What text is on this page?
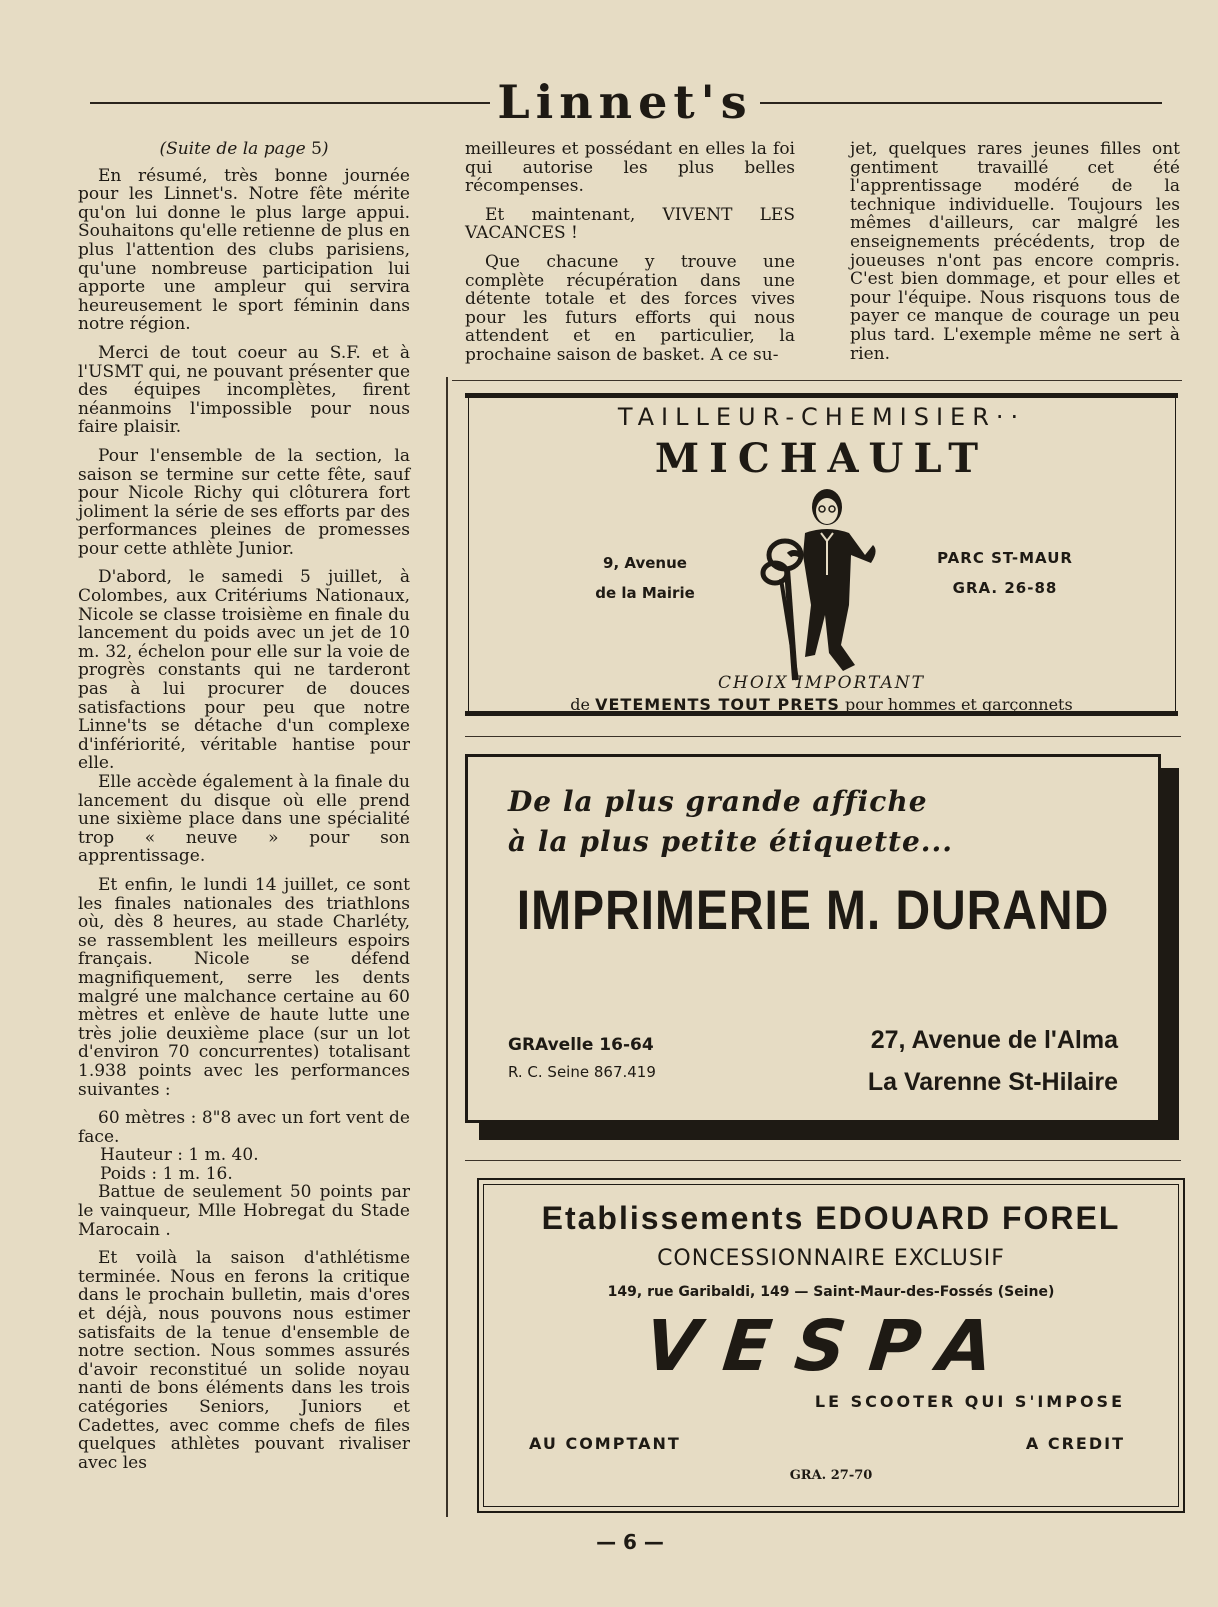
Linnet's

(Suite de la page 5)

En résumé, très bonne journée pour les Linnet's. Notre fête mérite qu'on lui donne le plus large appui. Souhaitons qu'elle retienne de plus en plus l'attention des clubs parisiens, qu'une nombreuse participation lui apporte une ampleur qui servira heureusement le sport féminin dans notre région.

Merci de tout coeur au S.F. et à l'USMT qui, ne pouvant présenter que des équipes incomplètes, firent néanmoins l'impossible pour nous faire plaisir.

Pour l'ensemble de la section, la saison se termine sur cette fête, sauf pour Nicole Richy qui clôturera fort joliment la série de ses efforts par des performances pleines de promesses pour cette athlète Junior.

D'abord, le samedi 5 juillet, à Colombes, aux Critériums Nationaux, Nicole se classe troisième en finale du lancement du poids avec un jet de 10 m. 32, échelon pour elle sur la voie de progrès constants qui ne tarderont pas à lui procurer de douces satisfactions pour peu que notre Linne'ts se détache d'un complexe d'infériorité, véritable hantise pour elle.

Elle accède également à la finale du lancement du disque où elle prend une sixième place dans une spécialité trop « neuve » pour son apprentissage.

Et enfin, le lundi 14 juillet, ce sont les finales nationales des triathlons où, dès 8 heures, au stade Charléty, se rassemblent les meilleurs espoirs français. Nicole se défend magnifiquement, serre les dents malgré une malchance certaine au 60 mètres et enlève de haute lutte une très jolie deuxième place (sur un lot d'environ 70 concurrentes) totalisant 1.938 points avec les performances suivantes :

60 mètres : 8"8 avec un fort vent de face.

Hauteur : 1 m. 40.

Poids : 1 m. 16.

Battue de seulement 50 points par le vainqueur, Mlle Hobregat du Stade Marocain .

Et voilà la saison d'athlétisme terminée. Nous en ferons la critique dans le prochain bulletin, mais d'ores et déjà, nous pouvons nous estimer satisfaits de la tenue d'ensemble de notre section. Nous sommes assurés d'avoir reconstitué un solide noyau nanti de bons éléments dans les trois catégories Seniors, Juniors et Cadettes, avec comme chefs de files quelques athlètes pouvant rivaliser avec les

meilleures et possédant en elles la foi qui autorise les plus belles récompenses.

Et maintenant, VIVENT LES VACANCES !

Que chacune y trouve une complète récupération dans une détente totale et des forces vives pour les futurs efforts qui nous attendent et en particulier, la prochaine saison de basket. A ce su-

jet, quelques rares jeunes filles ont gentiment travaillé cet été l'apprentissage modéré de la technique individuelle. Toujours les mêmes d'ailleurs, car malgré les enseignements précédents, trop de joueuses n'ont pas encore compris. C'est bien dommage, et pour elles et pour l'équipe. Nous risquons tous de payer ce manque de courage un peu plus tard. L'exemple même ne sert à rien.

TAILLEUR-CHEMISIER··
MICHAULT
9, Avenue
de la Mairie
PARC ST-MAUR
GRA. 26-88
CHOIX IMPORTANT
de VETEMENTS TOUT PRETS pour hommes et garçonnets
De la plus grande affiche
à la plus petite étiquette...
IMPRIMERIE M. DURAND
GRAvelle 16-64
R. C. Seine 867.419
27, Avenue de l'Alma
La Varenne St-Hilaire
Etablissements EDOUARD FOREL
CONCESSIONNAIRE EXCLUSIF
149, rue Garibaldi, 149 — Saint-Maur-des-Fossés (Seine)
VESPA
LE SCOOTER QUI S'IMPOSE
AU COMPTANT	A CREDIT
GRA. 27-70
— 6 —
